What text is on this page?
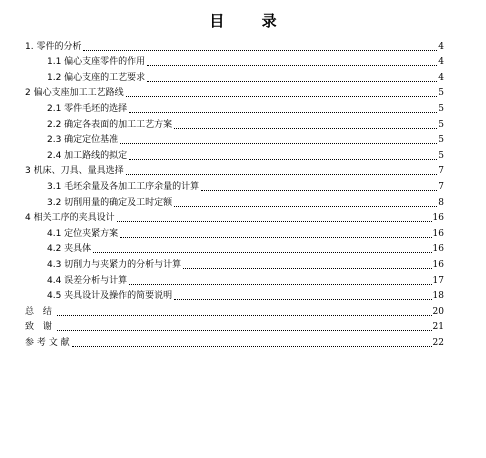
目 录
1. 零件的分析	4
1.1 偏心支座零件的作用	4
1.2 偏心支座的工艺要求	4
2 偏心支座加工工艺路线	5
2.1 零件毛坯的选择	5
2.2 确定各表面的加工工艺方案	5
2.3 确定定位基准	5
2.4 加工路线的拟定	5
3 机床、刀具、量具选择	7
3.1 毛坯余量及各加工工序余量的计算	7
3.2 切削用量的确定及工时定额	8
4 相关工序的夹具设计	16
4.1 定位夹紧方案	16
4.2 夹具体	16
4.3 切削力与夹紧力的分析与计算	16
4.4 误差分析与计算	17
4.5 夹具设计及操作的简要说明	18
总 结	20
致 谢	21
参 考 文 献	22
